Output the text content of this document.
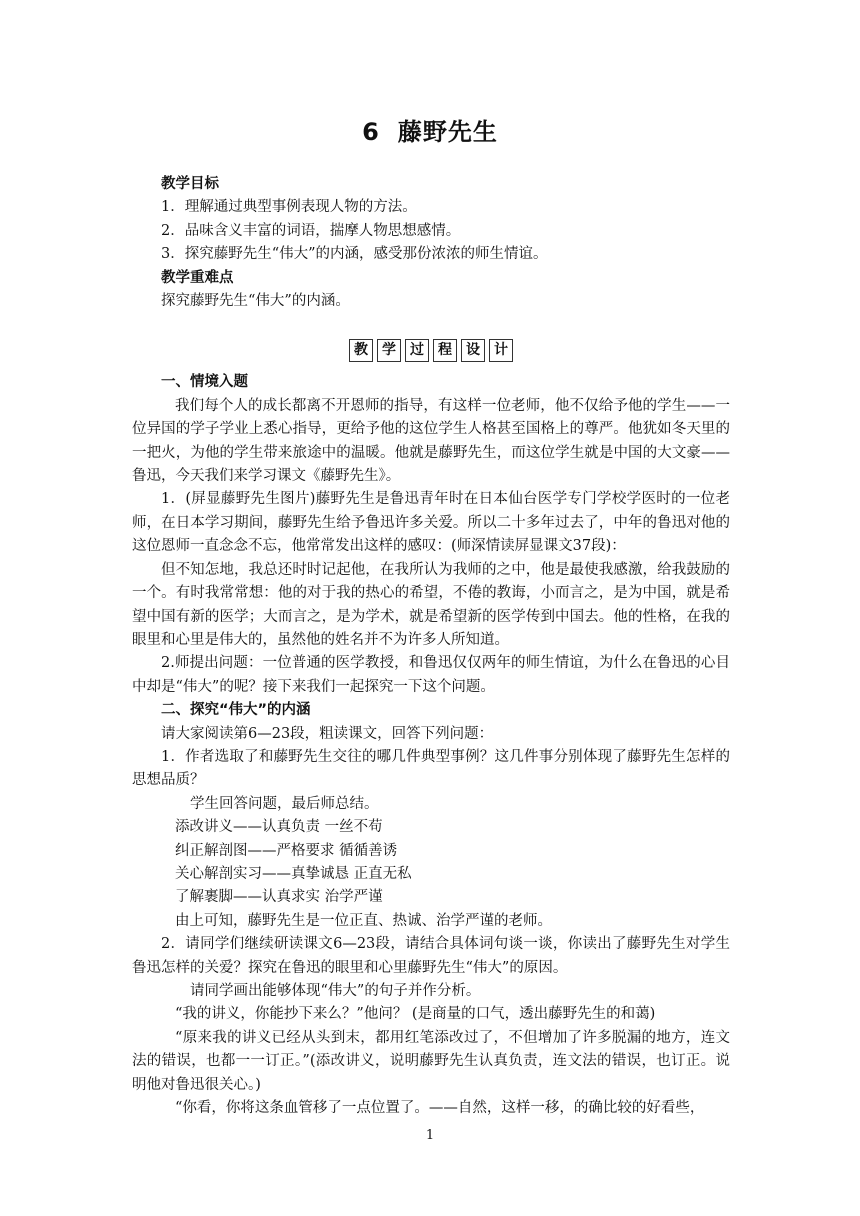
6 藤野先生

教学目标

1．理解通过典型事例表现人物的方法。

2．品味含义丰富的词语，揣摩人物思想感情。

3．探究藤野先生“伟大”的内涵，感受那份浓浓的师生情谊。

教学重难点

探究藤野先生“伟大”的内涵。

教	学	过	程	设	计

一、情境入题

我们每个人的成长都离不开恩师的指导，有这样一位老师，他不仅给予他的学生——一位异国的学子学业上悉心指导，更给予他的这位学生人格甚至国格上的尊严。他犹如冬天里的一把火，为他的学生带来旅途中的温暖。他就是藤野先生，而这位学生就是中国的大文豪——鲁迅，今天我们来学习课文《藤野先生》。

1．(屏显藤野先生图片)藤野先生是鲁迅青年时在日本仙台医学专门学校学医时的一位老师，在日本学习期间，藤野先生给予鲁迅许多关爱。所以二十多年过去了，中年的鲁迅对他的这位恩师一直念念不忘，他常常发出这样的感叹：(师深情读屏显课文37段)：

但不知怎地，我总还时时记起他，在我所认为我师的之中，他是最使我感激，给我鼓励的一个。有时我常常想：他的对于我的热心的希望，不倦的教诲，小而言之，是为中国，就是希望中国有新的医学；大而言之，是为学术，就是希望新的医学传到中国去。他的性格，在我的眼里和心里是伟大的，虽然他的姓名并不为许多人所知道。

2.师提出问题：一位普通的医学教授，和鲁迅仅仅两年的师生情谊，为什么在鲁迅的心目中却是“伟大”的呢？接下来我们一起探究一下这个问题。

二、探究“伟大”的内涵

请大家阅读第6—23段，粗读课文，回答下列问题：

1．作者选取了和藤野先生交往的哪几件典型事例？这几件事分别体现了藤野先生怎样的思想品质？

学生回答问题，最后师总结。

添改讲义——认真负责 一丝不苟

纠正解剖图——严格要求 循循善诱

关心解剖实习——真挚诚恳 正直无私

了解裹脚——认真求实 治学严谨

由上可知，藤野先生是一位正直、热诚、治学严谨的老师。

2．请同学们继续研读课文6—23段，请结合具体词句谈一谈，你读出了藤野先生对学生鲁迅怎样的关爱？探究在鲁迅的眼里和心里藤野先生“伟大”的原因。

请同学画出能够体现“伟大”的句子并作分析。

“我的讲义，你能抄下来么？”他问？ (是商量的口气，透出藤野先生的和蔼)

“原来我的讲义已经从头到末，都用红笔添改过了，不但增加了许多脱漏的地方，连文法的错误，也都一一订正。”(添改讲义，说明藤野先生认真负责，连文法的错误，也订正。说明他对鲁迅很关心。)

“你看，你将这条血管移了一点位置了。——自然，这样一移，的确比较的好看些，

1
